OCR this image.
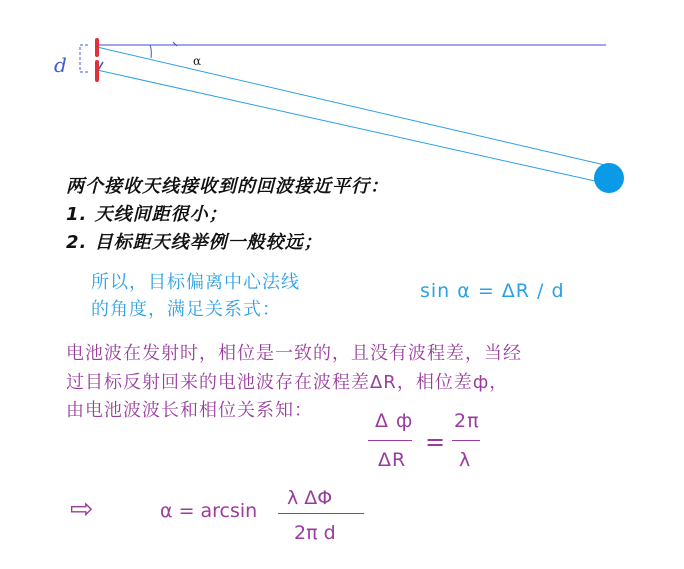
d	α
两个接收天线接收到的回波接近平行：
1. 天线间距很小；
2. 目标距天线举例一般较远；
所以，目标偏离中心法线
的角度，满足关系式：
sin α = ΔR / d
电池波在发射时，相位是一致的，且没有波程差，当经
过目标反射回来的电池波存在波程差ΔR，相位差ф，
由电池波波长和相位关系知：	Δ ф
ΔR
=
2π
λ
⇨	α = arcsin
λ ΔΦ
2π d
